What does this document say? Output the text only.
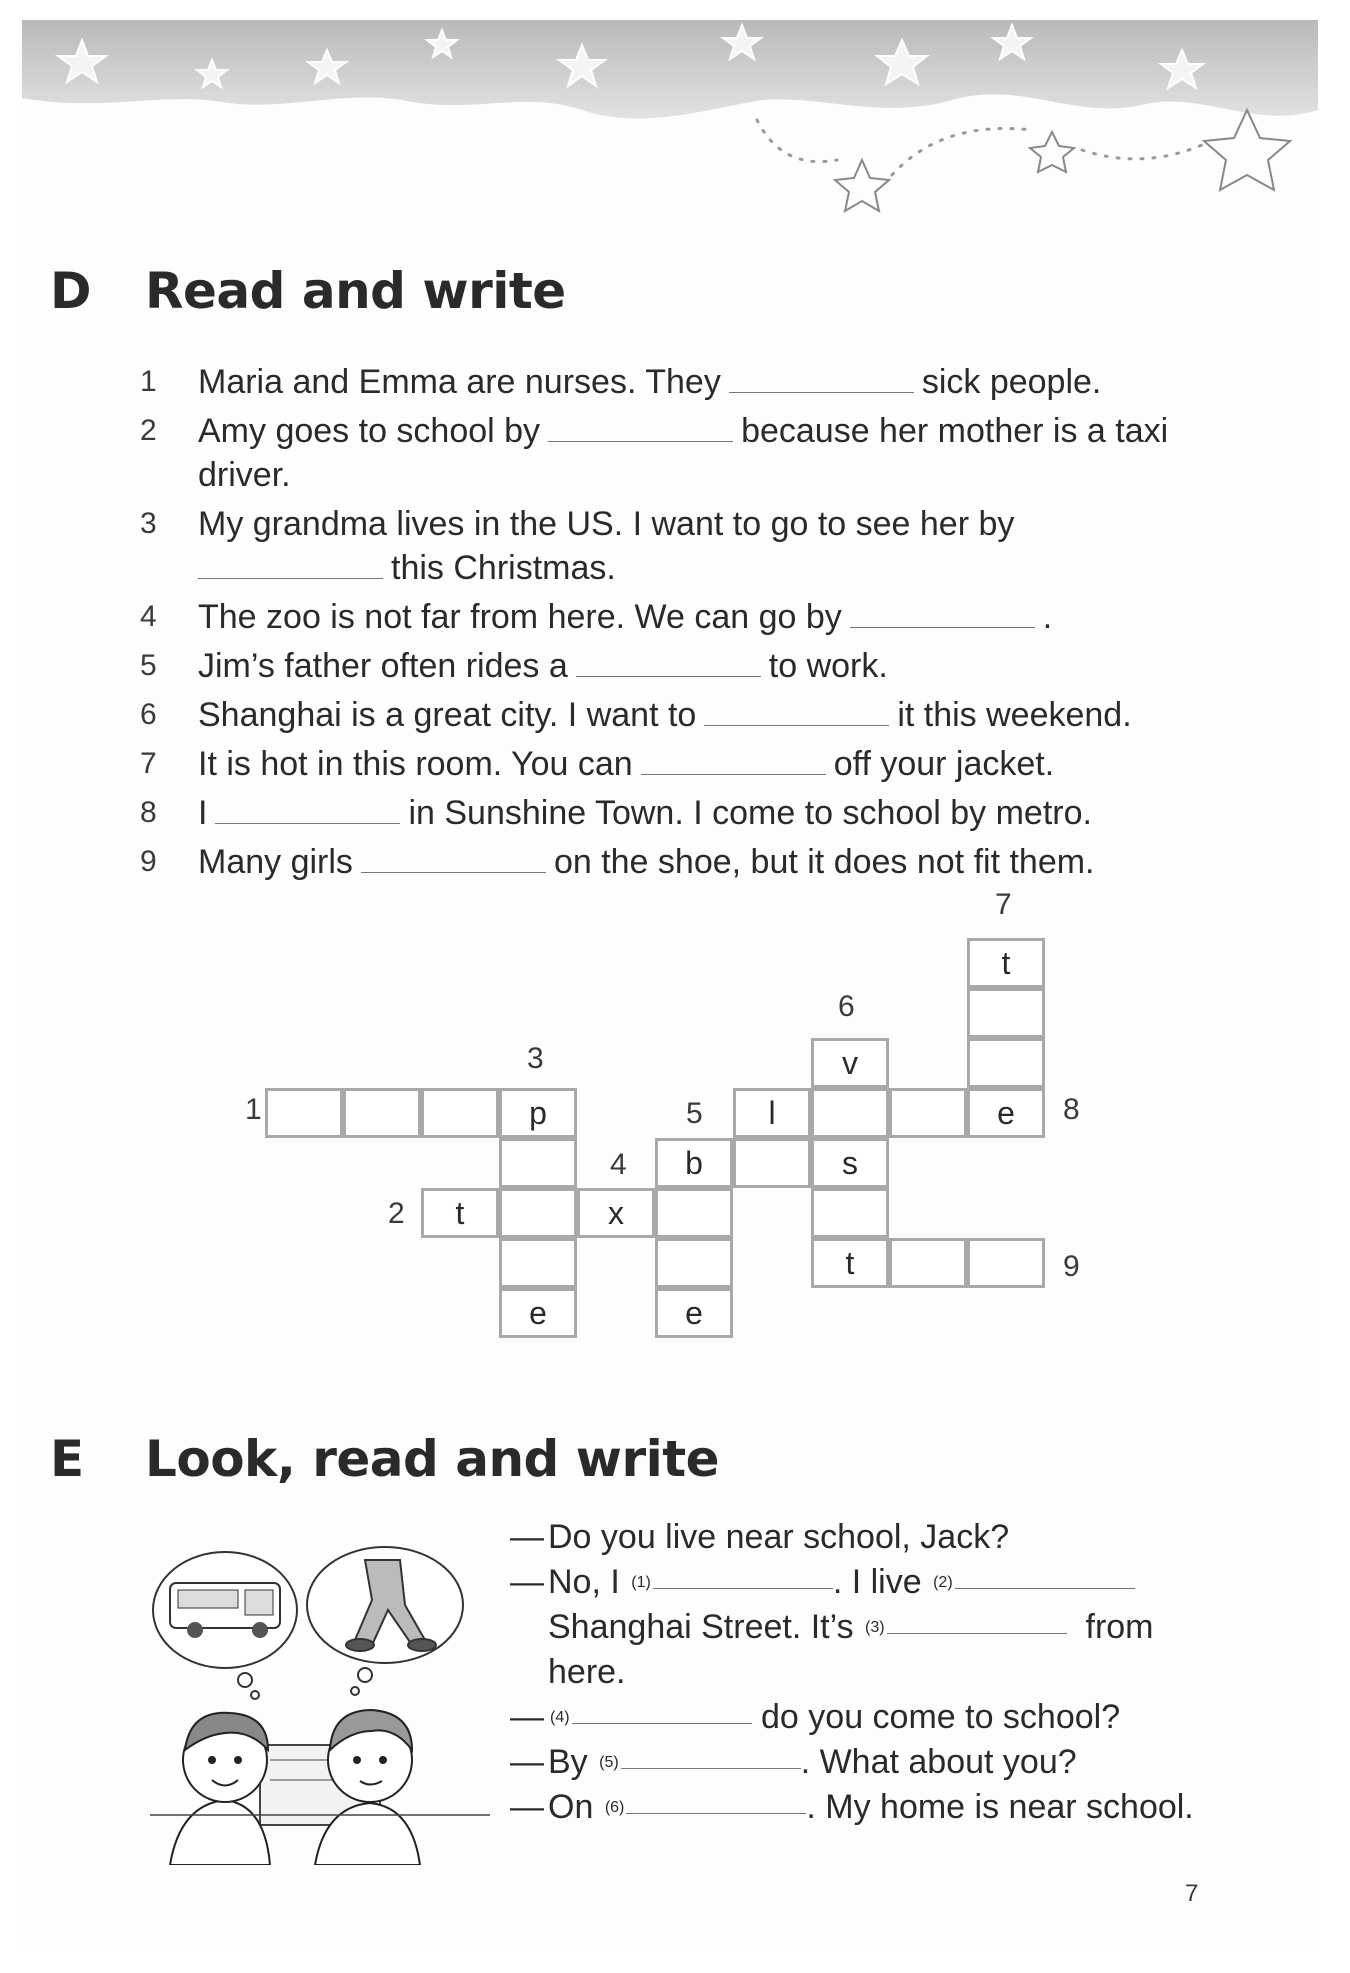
D Read and write
1	Maria and Emma are nurses. They	sick people.
2	Amy goes to school by	because her mother is a taxi driver.
3	My grandma lives in the US. I want to go to see her by
this Christmas.
4	The zoo is not far from here. We can go by	.
5	Jim’s father often rides a	to work.
6	Shanghai is a great city. I want to	it this weekend.
7	It is hot in this room. You can	off your jacket.
8	I	in Sunshine Town. I come to school by metro.
9	Many girls	on the shoe, but it does not fit them.
1
2
3
4
5
6
7
8
9
p
e
t	x
b
e
l	e
v
s
t
t
E Look, read and write
— Do you live near school, Jack?
— No, I
(1)	. I live
(2)
Shanghai Street. It’s
(3)
	from
here.
— (4)
	do you come to school?
— By
(5)	. What about you?
— On
(6)	. My home is near school.
7
